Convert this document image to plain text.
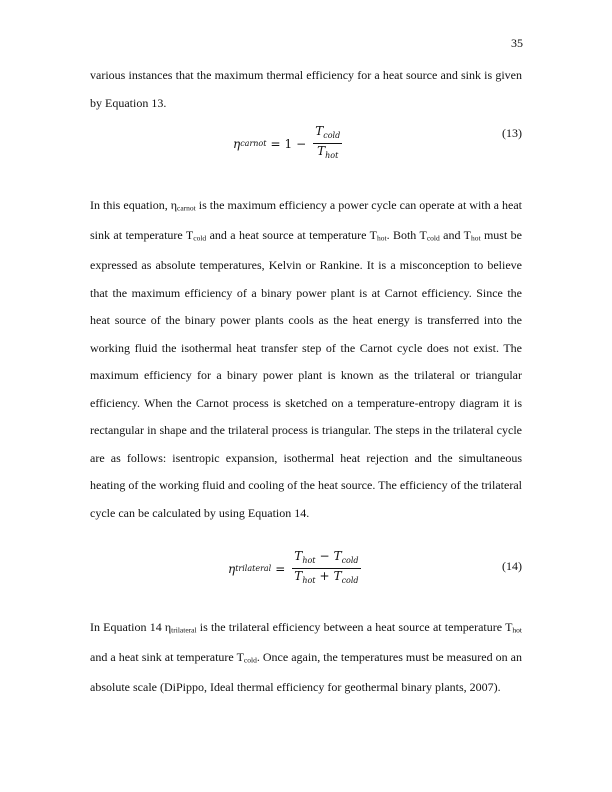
35

various instances that the maximum thermal efficiency for a heat source and sink is given by Equation 13.

η carnot = $1 - \frac{T_{cold}}{T_{hot}}$	(13)

In this equation, $\eta_{carnot}$ is the maximum efficiency a power cycle can operate at with a heat sink at temperature $T_{cold}$ and a heat source at temperature $T_{hot}$. Both $T_{cold}$ and $T_{hot}$ must be expressed as absolute temperatures, Kelvin or Rankine. It is a misconception to believe that the maximum efficiency of a binary power plant is at Carnot efficiency. Since the heat source of the binary power plants cools as the heat energy is transferred into the working fluid the isothermal heat transfer step of the Carnot cycle does not exist. The maximum efficiency for a binary power plant is known as the trilateral or triangular efficiency. When the Carnot process is sketched on a temperature-entropy diagram it is rectangular in shape and the trilateral process is triangular. The steps in the trilateral cycle are as follows: isentropic expansion, isothermal heat rejection and the simultaneous heating of the working fluid and cooling of the heat source. The efficiency of the trilateral cycle can be calculated by using Equation 14.

η trilateral = $\frac{T_{hot} - T_{cold}}{T_{hot} + T_{cold}}$	(14)

In Equation 14 $\eta_{trilateral}$ is the trilateral efficiency between a heat source at temperature $T_{hot}$ and a heat sink at temperature $T_{cold}$. Once again, the temperatures must be measured on an absolute scale (DiPippo, Ideal thermal efficiency for geothermal binary plants, 2007).
